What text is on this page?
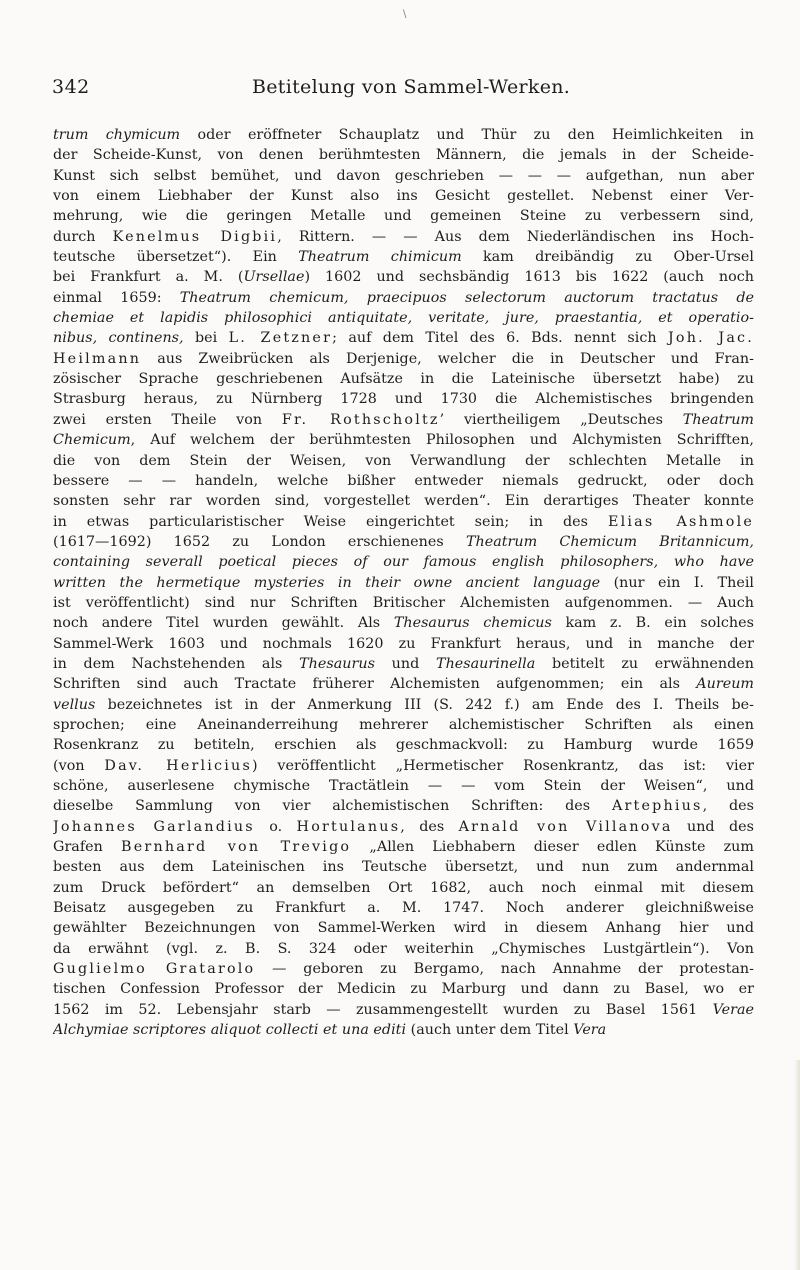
\
342	Betitelung von Sammel-Werken.
trum chymicum oder eröffneter Schauplatz und Thür zu den Heimlichkeiten in
der Scheide-Kunst, von denen berühmtesten Männern, die jemals in der Scheide-
Kunst sich selbst bemühet, und davon geschrieben — — — aufgethan, nun aber
von einem Liebhaber der Kunst also ins Gesicht gestellet. Nebenst einer Ver-
mehrung, wie die geringen Metalle und gemeinen Steine zu verbessern sind,
durch Kenelmus Digbii, Rittern. — — Aus dem Niederländischen ins Hoch-
teutsche übersetzet“). Ein Theatrum chimicum kam dreibändig zu Ober-Ursel
bei Frankfurt a. M. (Ursellae) 1602 und sechsbändig 1613 bis 1622 (auch noch
einmal 1659: Theatrum chemicum, praecipuos selectorum auctorum tractatus de
chemiae et lapidis philosophici antiquitate, veritate, jure, praestantia, et operatio-
nibus, continens, bei L. Zetzner; auf dem Titel des 6. Bds. nennt sich Joh. Jac.
Heilmann aus Zweibrücken als Derjenige, welcher die in Deutscher und Fran-
zösischer Sprache geschriebenen Aufsätze in die Lateinische übersetzt habe) zu
Strasburg heraus, zu Nürnberg 1728 und 1730 die Alchemistisches bringenden
zwei ersten Theile von Fr. Rothscholtz’ viertheiligem „Deutsches Theatrum
Chemicum, Auf welchem der berühmtesten Philosophen und Alchymisten Schrifften,
die von dem Stein der Weisen, von Verwandlung der schlechten Metalle in
bessere — — handeln, welche bißher entweder niemals gedruckt, oder doch
sonsten sehr rar worden sind, vorgestellet werden“. Ein derartiges Theater konnte
in etwas particularistischer Weise eingerichtet sein; in des Elias Ashmole
(1617—1692) 1652 zu London erschienenes Theatrum Chemicum Britannicum,
containing severall poetical pieces of our famous english philosophers, who have
written the hermetique mysteries in their owne ancient language (nur ein I. Theil
ist veröffentlicht) sind nur Schriften Britischer Alchemisten aufgenommen. — Auch
noch andere Titel wurden gewählt. Als Thesaurus chemicus kam z. B. ein solches
Sammel-Werk 1603 und nochmals 1620 zu Frankfurt heraus, und in manche der
in dem Nachstehenden als Thesaurus und Thesaurinella betitelt zu erwähnenden
Schriften sind auch Tractate früherer Alchemisten aufgenommen; ein als Aureum
vellus bezeichnetes ist in der Anmerkung III (S. 242 f.) am Ende des I. Theils be-
sprochen; eine Aneinanderreihung mehrerer alchemistischer Schriften als einen
Rosenkranz zu betiteln, erschien als geschmackvoll: zu Hamburg wurde 1659
(von Dav. Herlicius) veröffentlicht „Hermetischer Rosenkrantz, das ist: vier
schöne, auserlesene chymische Tractätlein — — vom Stein der Weisen“, und
dieselbe Sammlung von vier alchemistischen Schriften: des Artephius, des
Johannes Garlandius o. Hortulanus, des Arnald von Villanova und des
Grafen Bernhard von Trevigo „Allen Liebhabern dieser edlen Künste zum
besten aus dem Lateinischen ins Teutsche übersetzt, und nun zum andernmal
zum Druck befördert“ an demselben Ort 1682, auch noch einmal mit diesem
Beisatz ausgegeben zu Frankfurt a. M. 1747. Noch anderer gleichnißweise
gewählter Bezeichnungen von Sammel-Werken wird in diesem Anhang hier und
da erwähnt (vgl. z. B. S. 324 oder weiterhin „Chymisches Lustgärtlein“). Von
Guglielmo Gratarolo — geboren zu Bergamo, nach Annahme der protestan-
tischen Confession Professor der Medicin zu Marburg und dann zu Basel, wo er
1562 im 52. Lebensjahr starb — zusammengestellt wurden zu Basel 1561 Verae
Alchymiae scriptores aliquot collecti et una editi (auch unter dem Titel Vera
